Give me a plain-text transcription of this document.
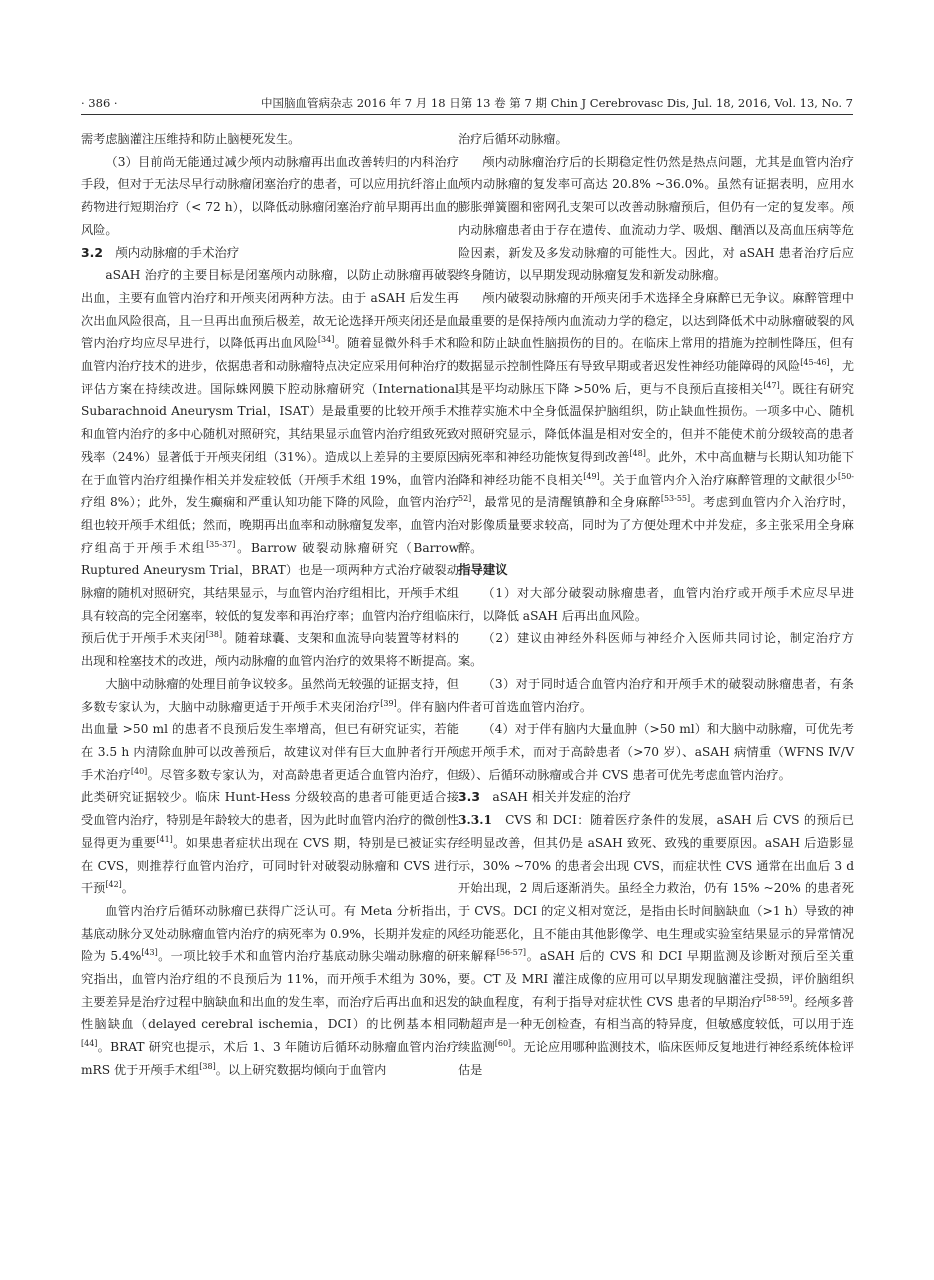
· 386 ·	中国脑血管病杂志 2016 年 7 月 18 日第 13 卷 第 7 期 Chin J Cerebrovasc Dis, Jul. 18, 2016, Vol. 13, No. 7

需考虑脑灌注压维持和防止脑梗死发生。

（3）目前尚无能通过减少颅内动脉瘤再出血改善转归的内科治疗手段，但对于无法尽早行动脉瘤闭塞治疗的患者，可以应用抗纤溶止血药物进行短期治疗（< 72 h），以降低动脉瘤闭塞治疗前早期再出血的风险。

3.2　 颅内动脉瘤的手术治疗

aSAH 治疗的主要目标是闭塞颅内动脉瘤，以防止动脉瘤再破裂出血，主要有血管内治疗和开颅夹闭两种方法。由于 aSAH 后发生再次出血风险很高，且一旦再出血预后极差，故无论选择开颅夹闭还是血管内治疗均应尽早进行，以降低再出血风险[34]。随着显微外科手术和血管内治疗技术的进步，依据患者和动脉瘤特点决定应采用何种治疗的评估方案在持续改进。国际蛛网膜下腔动脉瘤研究（International Subarachnoid Aneurysm Trial，ISAT）是最重要的比较开颅手术和血管内治疗的多中心随机对照研究，其结果显示血管内治疗组致死致残率（24%）显著低于开颅夹闭组（31%）。造成以上差异的主要原因在于血管内治疗组操作相关并发症较低（开颅手术组 19%，血管内治疗组 8%）；此外，发生癫痫和严重认知功能下降的风险，血管内治疗组也较开颅手术组低；然而，晚期再出血率和动脉瘤复发率，血管内治疗组高于开颅手术组[35-37]。Barrow 破裂动脉瘤研究（Barrow Ruptured Aneurysm Trial，BRAT）也是一项两种方式治疗破裂动脉瘤的随机对照研究，其结果显示，与血管内治疗组相比，开颅手术组具有较高的完全闭塞率，较低的复发率和再治疗率；血管内治疗组临床预后优于开颅手术夹闭[38]。随着球囊、支架和血流导向装置等材料的出现和栓塞技术的改进，颅内动脉瘤的血管内治疗的效果将不断提高。

大脑中动脉瘤的处理目前争议较多。虽然尚无较强的证据支持，但多数专家认为，大脑中动脉瘤更适于开颅手术夹闭治疗[39]。伴有脑内出血量 >50 ml 的患者不良预后发生率增高，但已有研究证实，若能在 3.5 h 内清除血肿可以改善预后，故建议对伴有巨大血肿者行开颅手术治疗[40]。尽管多数专家认为，对高龄患者更适合血管内治疗，但此类研究证据较少。临床 Hunt-Hess 分级较高的患者可能更适合接受血管内治疗，特别是年龄较大的患者，因为此时血管内治疗的微创性显得更为重要[41]。如果患者症状出现在 CVS 期，特别是已被证实存在 CVS，则推荐行血管内治疗，可同时针对破裂动脉瘤和 CVS 进行干预[42]。

血管内治疗后循环动脉瘤已获得广泛认可。有 Meta 分析指出，基底动脉分叉处动脉瘤血管内治疗的病死率为 0.9%，长期并发症的风险为 5.4%[43]。一项比较手术和血管内治疗基底动脉尖端动脉瘤的研究指出，血管内治疗组的不良预后为 11%，而开颅手术组为 30%，主要差异是治疗过程中脑缺血和出血的发生率，而治疗后再出血和迟发性脑缺血（delayed cerebral ischemia，DCI）的比例基本相同[44]。BRAT 研究也提示，术后 1、3 年随访后循环动脉瘤血管内治疗 mRS 优于开颅手术组[38]。以上研究数据均倾向于血管内

治疗后循环动脉瘤。

颅内动脉瘤治疗后的长期稳定性仍然是热点问题，尤其是血管内治疗颅内动脉瘤的复发率可高达 20.8% ~36.0%。虽然有证据表明，应用水膨胀弹簧圈和密网孔支架可以改善动脉瘤预后，但仍有一定的复发率。颅内动脉瘤患者由于存在遗传、血流动力学、吸烟、酗酒以及高血压病等危险因素，新发及多发动脉瘤的可能性大。因此，对 aSAH 患者治疗后应终身随访，以早期发现动脉瘤复发和新发动脉瘤。

颅内破裂动脉瘤的开颅夹闭手术选择全身麻醉已无争议。麻醉管理中最重要的是保持颅内血流动力学的稳定，以达到降低术中动脉瘤破裂的风险和防止缺血性脑损伤的目的。在临床上常用的措施为控制性降压，但有数据显示控制性降压有导致早期或者迟发性神经功能障碍的风险[45-46]，尤其是平均动脉压下降 >50% 后，更与不良预后直接相关[47]。既往有研究推荐实施术中全身低温保护脑组织，防止缺血性损伤。一项多中心、随机对照研究显示，降低体温是相对安全的，但并不能使术前分级较高的患者病死率和神经功能恢复得到改善[48]。此外，术中高血糖与长期认知功能下降和神经功能不良相关[49]。关于血管内介入治疗麻醉管理的文献很少[50-52]，最常见的是清醒镇静和全身麻醉[53-55]。考虑到血管内介入治疗时，对影像质量要求较高，同时为了方便处理术中并发症，多主张采用全身麻醉。

指导建议

（1）对大部分破裂动脉瘤患者，血管内治疗或开颅手术应尽早进行，以降低 aSAH 后再出血风险。

（2）建议由神经外科医师与神经介入医师共同讨论，制定治疗方案。

（3）对于同时适合血管内治疗和开颅手术的破裂动脉瘤患者，有条件者可首选血管内治疗。

（4）对于伴有脑内大量血肿（>50 ml）和大脑中动脉瘤，可优先考虑开颅手术，而对于高龄患者（>70 岁）、aSAH 病情重（WFNS Ⅳ/Ⅴ级）、后循环动脉瘤或合并 CVS 患者可优先考虑血管内治疗。

3.3　 aSAH 相关并发症的治疗

3.3.1　 CVS 和 DCI：随着医疗条件的发展，aSAH 后 CVS 的预后已经明显改善，但其仍是 aSAH 致死、致残的重要原因。aSAH 后造影显示，30% ~70% 的患者会出现 CVS，而症状性 CVS 通常在出血后 3 d 开始出现，2 周后逐渐消失。虽经全力救治，仍有 15% ~20% 的患者死于 CVS。DCI 的定义相对宽泛，是指由长时间脑缺血（>1 h）导致的神经功能恶化，且不能由其他影像学、电生理或实验室结果显示的异常情况来解释[56-57]。aSAH 后的 CVS 和 DCI 早期监测及诊断对预后至关重要。CT 及 MRI 灌注成像的应用可以早期发现脑灌注受损，评价脑组织的缺血程度，有利于指导对症状性 CVS 患者的早期治疗[58-59]。经颅多普勒超声是一种无创检查，有相当高的特异度，但敏感度较低，可以用于连续监测[60]。无论应用哪种监测技术，临床医师反复地进行神经系统体检评估是
